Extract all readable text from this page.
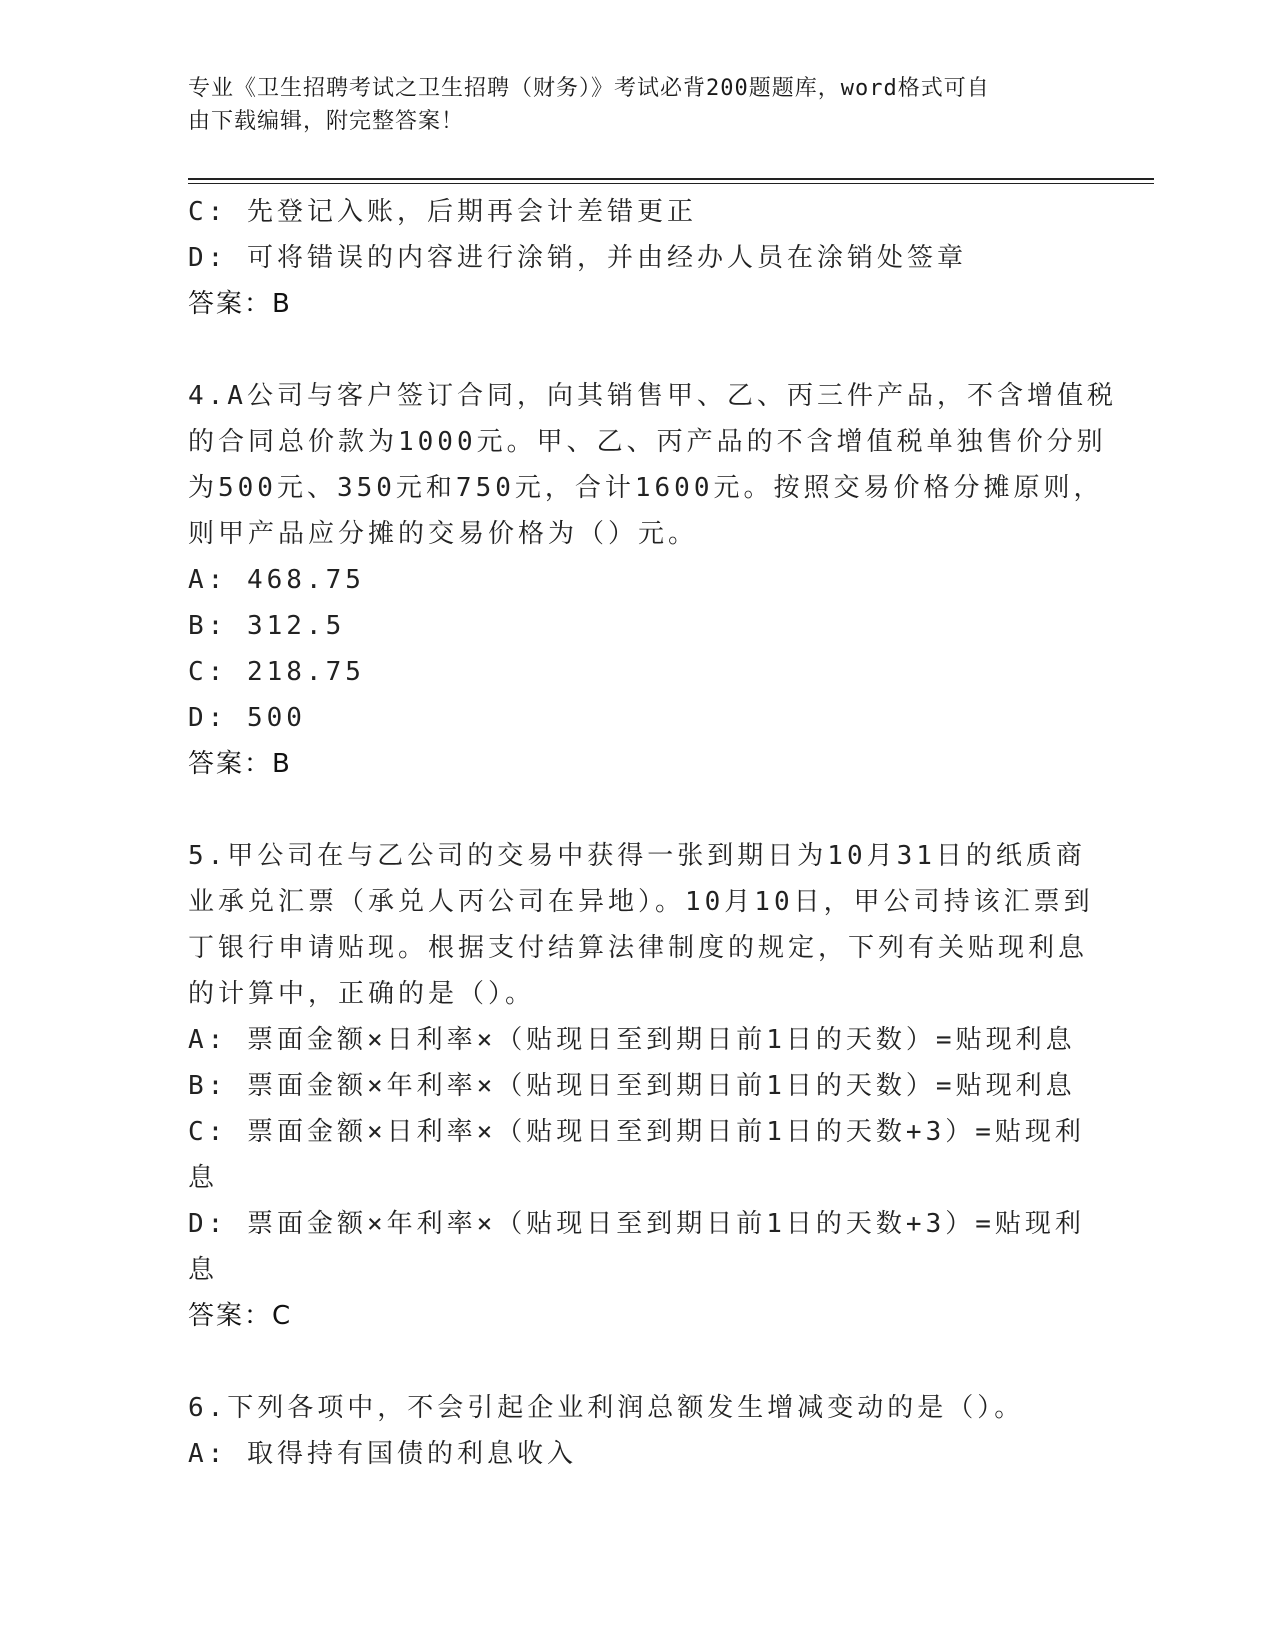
专业《卫生招聘考试之卫生招聘（财务）》考试必背200题题库，word格式可自
由下载编辑，附完整答案！
C: 先登记入账，后期再会计差错更正
D: 可将错误的内容进行涂销，并由经办人员在涂销处签章
答案：B
4.A公司与客户签订合同，向其销售甲、乙、丙三件产品，不含增值税
的合同总价款为1000元。甲、乙、丙产品的不含增值税单独售价分别
为500元、350元和750元，合计1600元。按照交易价格分摊原则，
则甲产品应分摊的交易价格为（）元。
A: 468.75
B: 312.5
C: 218.75
D: 500
答案：B
5.甲公司在与乙公司的交易中获得一张到期日为10月31日的纸质商
业承兑汇票（承兑人丙公司在异地）。10月10日，甲公司持该汇票到
丁银行申请贴现。根据支付结算法律制度的规定，下列有关贴现利息
的计算中，正确的是（）。
A: 票面金额×日利率×（贴现日至到期日前1日的天数）=贴现利息
B: 票面金额×年利率×（贴现日至到期日前1日的天数）=贴现利息
C: 票面金额×日利率×（贴现日至到期日前1日的天数+3）=贴现利
息
D: 票面金额×年利率×（贴现日至到期日前1日的天数+3）=贴现利
息
答案：C
6.下列各项中，不会引起企业利润总额发生增减变动的是（）。
A: 取得持有国债的利息收入
